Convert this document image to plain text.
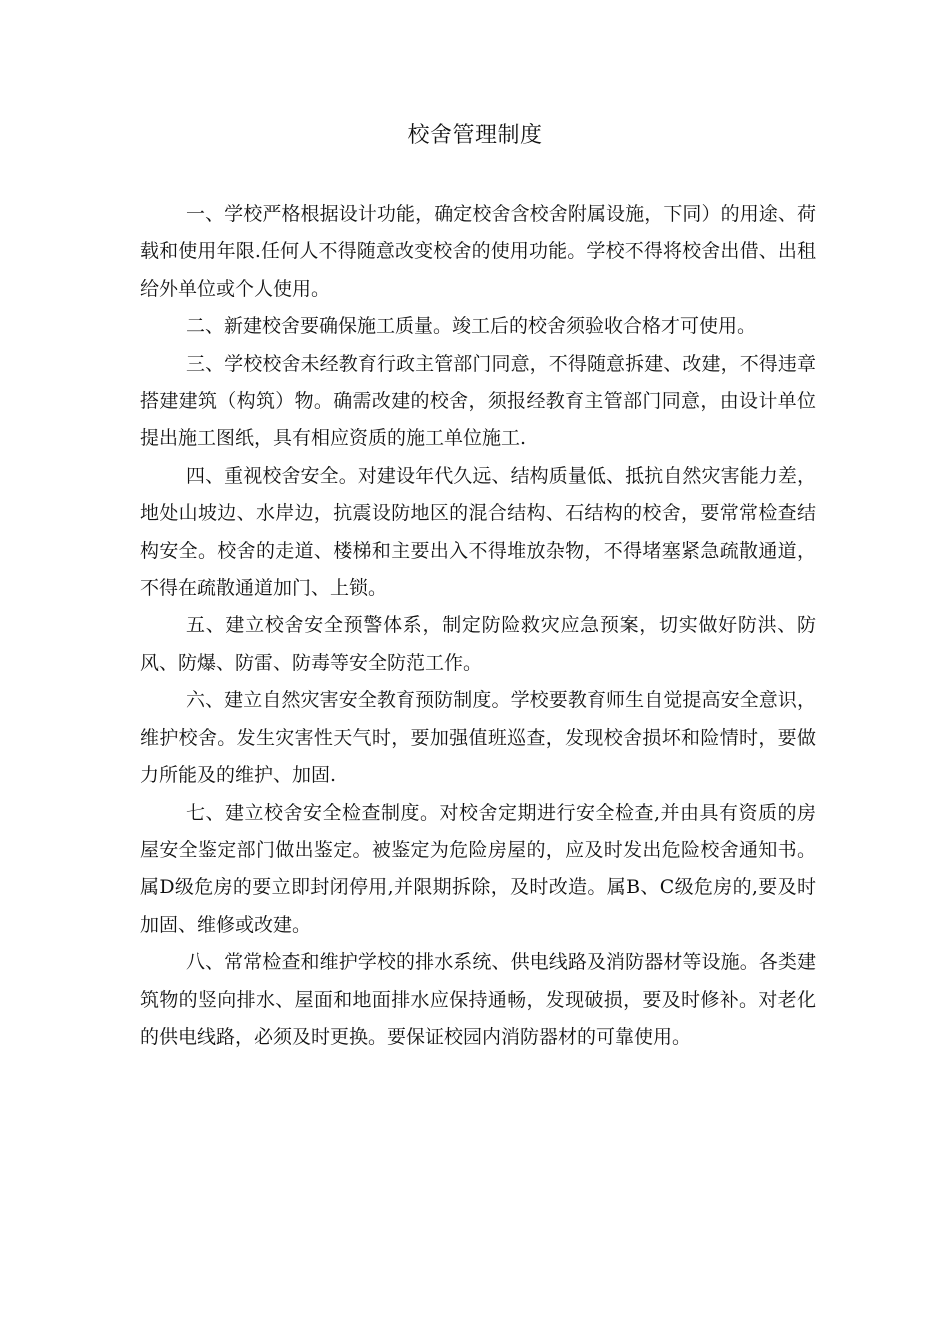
校舍管理制度

一、学校严格根据设计功能，确定校舍含校舍附属设施，下同）的用途、荷载和使用年限.任何人不得随意改变校舍的使用功能。学校不得将校舍出借、出租给外单位或个人使用。

二、新建校舍要确保施工质量。竣工后的校舍须验收合格才可使用。

三、学校校舍未经教育行政主管部门同意，不得随意拆建、改建，不得违章搭建建筑（构筑）物。确需改建的校舍，须报经教育主管部门同意，由设计单位提出施工图纸，具有相应资质的施工单位施工.

四、重视校舍安全。对建设年代久远、结构质量低、抵抗自然灾害能力差，地处山坡边、水岸边，抗震设防地区的混合结构、石结构的校舍，要常常检查结构安全。校舍的走道、楼梯和主要出入不得堆放杂物，不得堵塞紧急疏散通道，不得在疏散通道加门、上锁。

五、建立校舍安全预警体系，制定防险救灾应急预案，切实做好防洪、防风、防爆、防雷、防毒等安全防范工作。

六、建立自然灾害安全教育预防制度。学校要教育师生自觉提高安全意识，维护校舍。发生灾害性天气时，要加强值班巡查，发现校舍损坏和险情时，要做力所能及的维护、加固.

七、建立校舍安全检查制度。对校舍定期进行安全检查,并由具有资质的房屋安全鉴定部门做出鉴定。被鉴定为危险房屋的，应及时发出危险校舍通知书。属D级危房的要立即封闭停用,并限期拆除，及时改造。属B、C级危房的,要及时加固、维修或改建。

八、常常检查和维护学校的排水系统、供电线路及消防器材等设施。各类建筑物的竖向排水、屋面和地面排水应保持通畅，发现破损，要及时修补。对老化的供电线路，必须及时更换。要保证校园内消防器材的可靠使用。
